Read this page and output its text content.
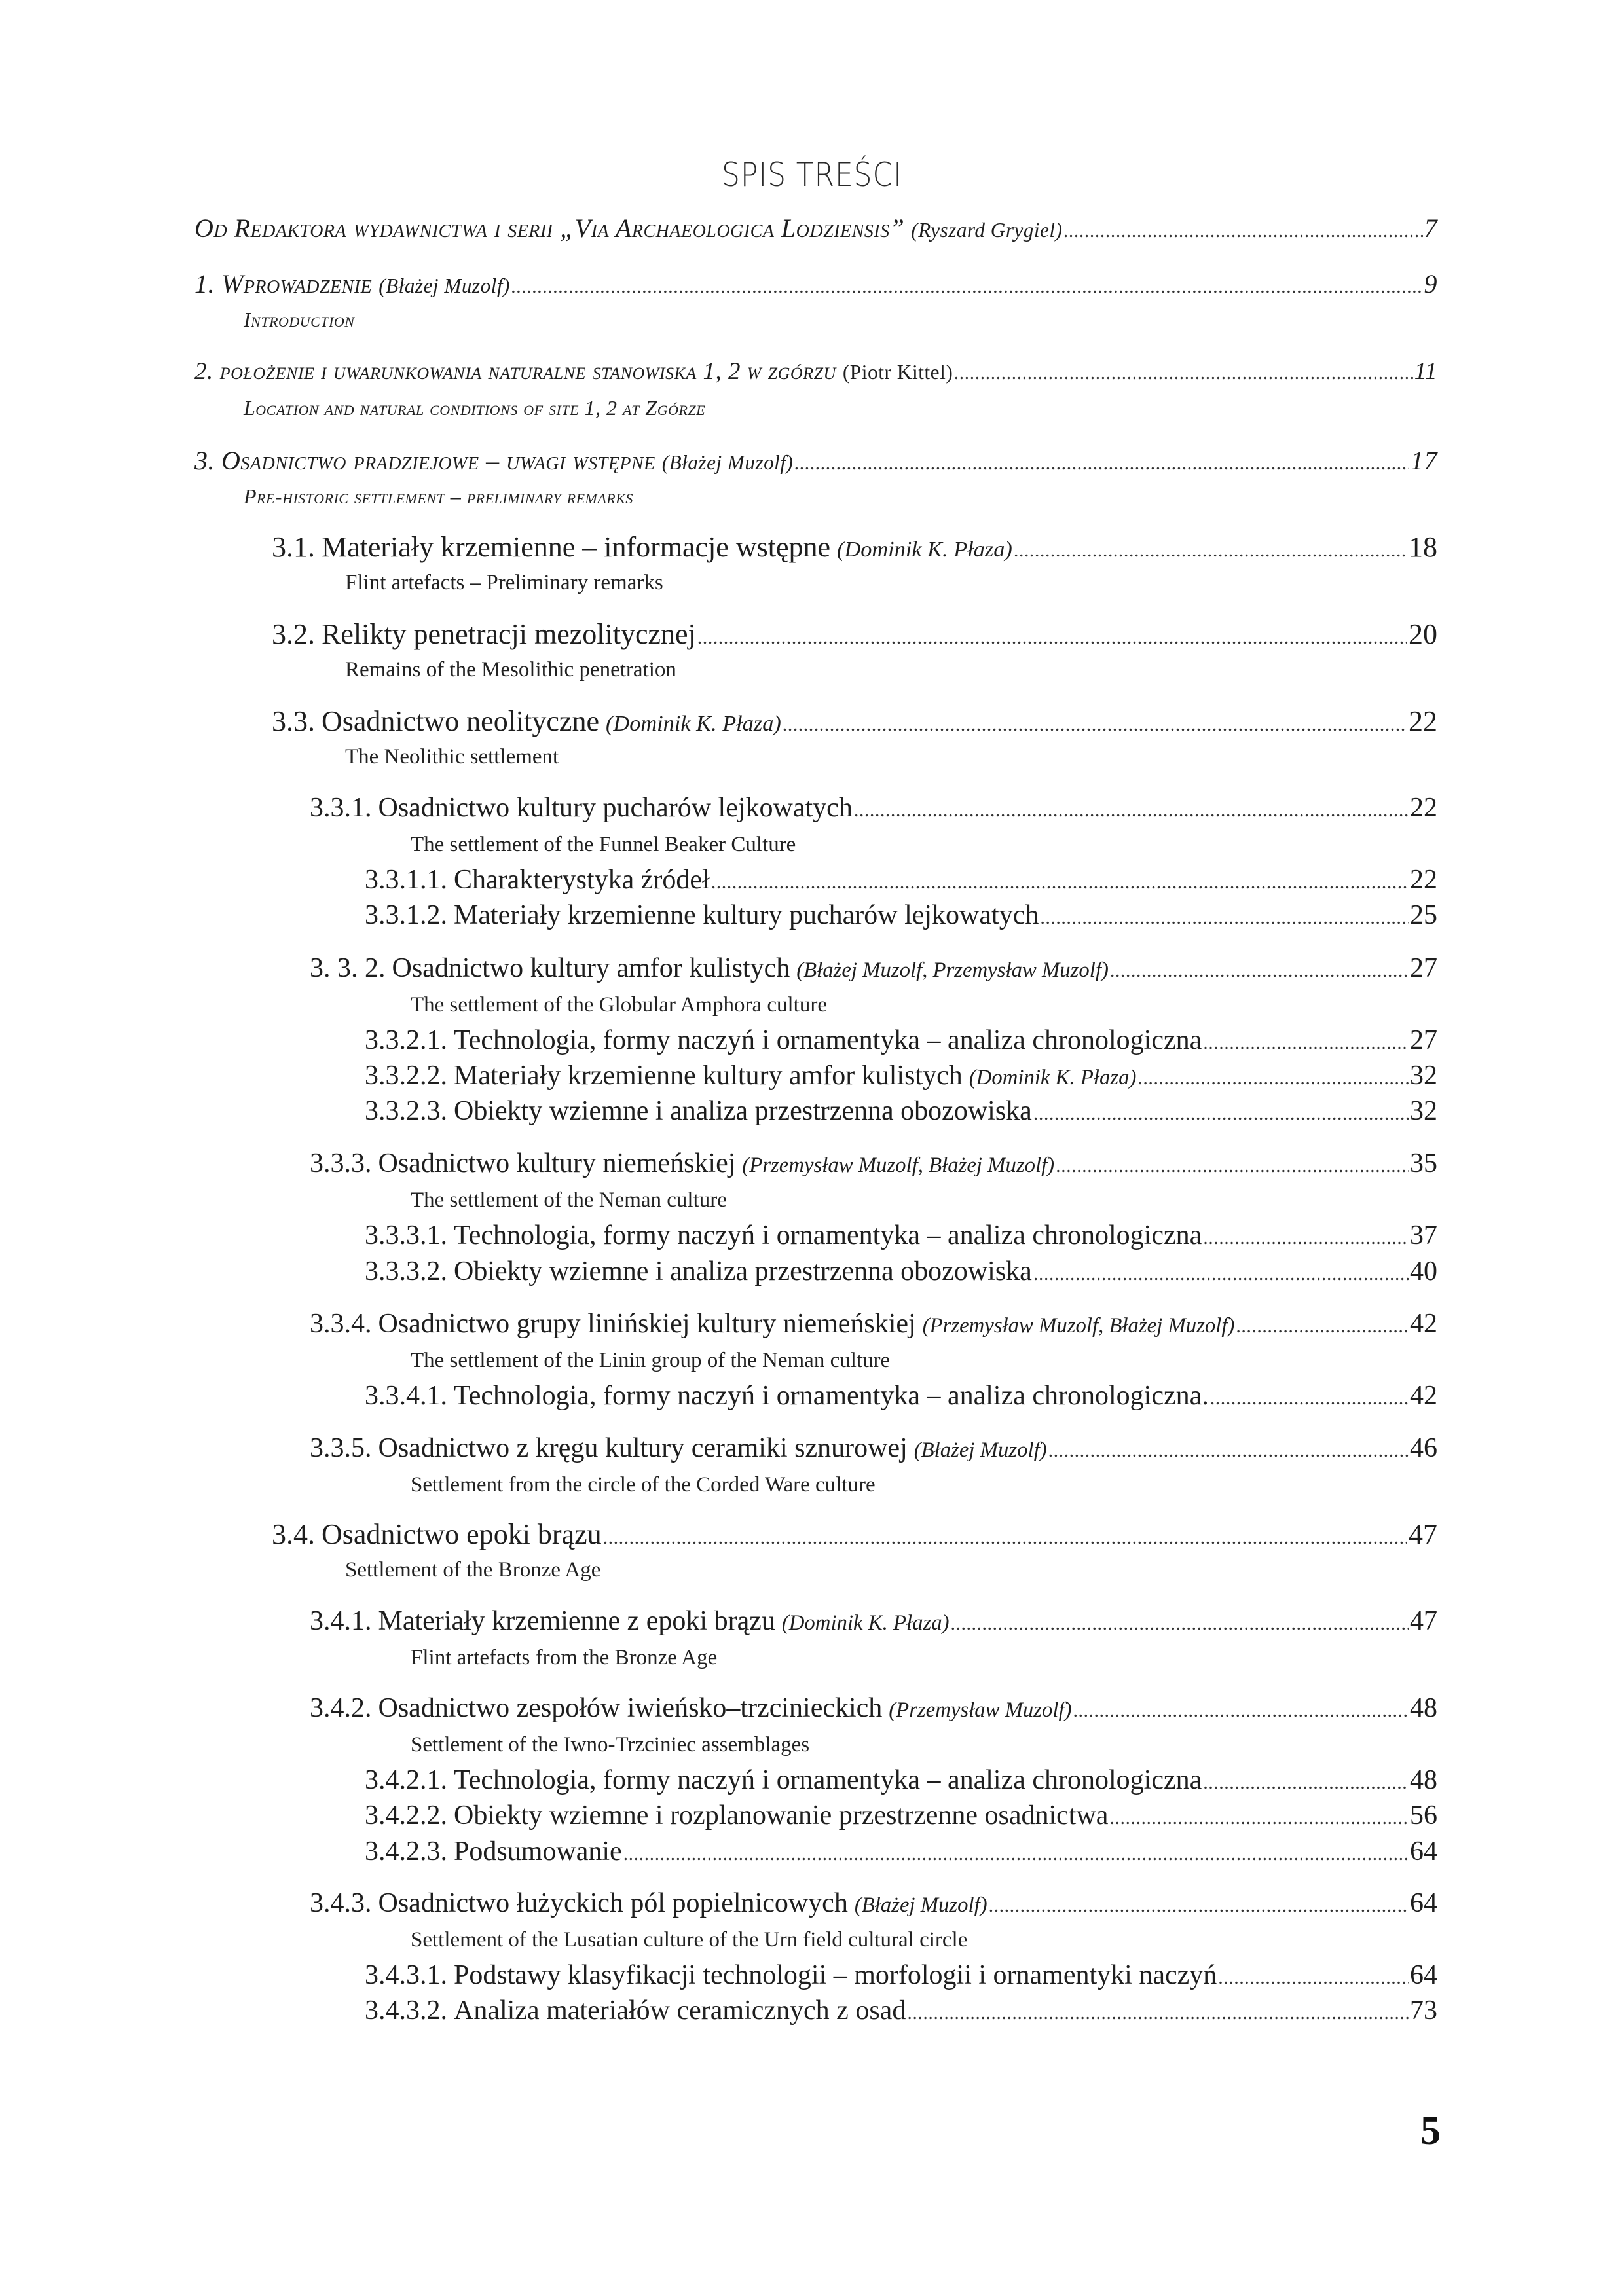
SPIS TREŚCI
Od Redaktora wydawnictwa i serii „Via Archaeologica Lodziensis” (Ryszard Grygiel) .....	7
1. Wprowadzenie (Błażej Muzolf) .....	9
Introduction
2. położenie i uwarunkowania naturalne stanowiska 1, 2 w zgórzu (Piotr Kittel) .....	11
Location and natural conditions of site 1, 2 at Zgórze
3. Osadnictwo pradziejowe – uwagi wstępne (Błażej Muzolf) .....	17
Pre-historic settlement – preliminary remarks
3.1. Materiały krzemienne – informacje wstępne (Dominik K. Płaza) .....	18
Flint artefacts – Preliminary remarks
3.2. Relikty penetracji mezolitycznej .....	20
Remains of the Mesolithic penetration
3.3. Osadnictwo neolityczne (Dominik K. Płaza) .....	22
The Neolithic settlement
3.3.1. Osadnictwo kultury pucharów lejkowatych .....	22
The settlement of the Funnel Beaker Culture
3.3.1.1. Charakterystyka źródeł .....	22
3.3.1.2. Materiały krzemienne kultury pucharów lejkowatych .....	25
3. 3. 2. Osadnictwo kultury amfor kulistych (Błażej Muzolf, Przemysław Muzolf) .....	27
The settlement of the Globular Amphora culture
3.3.2.1. Technologia, formy naczyń i ornamentyka – analiza chronologiczna .....	27
3.3.2.2. Materiały krzemienne kultury amfor kulistych (Dominik K. Płaza) .....	32
3.3.2.3. Obiekty wziemne i analiza przestrzenna obozowiska .....	32
3.3.3. Osadnictwo kultury niemeńskiej (Przemysław Muzolf, Błażej Muzolf) .....	35
The settlement of the Neman culture
3.3.3.1. Technologia, formy naczyń i ornamentyka – analiza chronologiczna .....	37
3.3.3.2. Obiekty wziemne i analiza przestrzenna obozowiska .....	40
3.3.4. Osadnictwo grupy linińskiej kultury niemeńskiej (Przemysław Muzolf, Błażej Muzolf) .....	42
The settlement of the Linin group of the Neman culture
3.3.4.1. Technologia, formy naczyń i ornamentyka – analiza chronologiczna. .....	42
3.3.5. Osadnictwo z kręgu kultury ceramiki sznurowej (Błażej Muzolf) .....	46
Settlement from the circle of the Corded Ware culture
3.4. Osadnictwo epoki brązu .....	47
Settlement of the Bronze Age
3.4.1. Materiały krzemienne z epoki brązu (Dominik K. Płaza) .....	47
Flint artefacts from the Bronze Age
3.4.2. Osadnictwo zespołów iwieńsko–trzcinieckich (Przemysław Muzolf) .....	48
Settlement of the Iwno-Trzciniec assemblages
3.4.2.1. Technologia, formy naczyń i ornamentyka – analiza chronologiczna .....	48
3.4.2.2. Obiekty wziemne i rozplanowanie przestrzenne osadnictwa .....	56
3.4.2.3. Podsumowanie .....	64
3.4.3. Osadnictwo łużyckich pól popielnicowych (Błażej Muzolf) .....	64
Settlement of the Lusatian culture of the Urn field cultural circle
3.4.3.1. Podstawy klasyfikacji technologii – morfologii i ornamentyki naczyń .....	64
3.4.3.2. Analiza materiałów ceramicznych z osad .....	73
5
